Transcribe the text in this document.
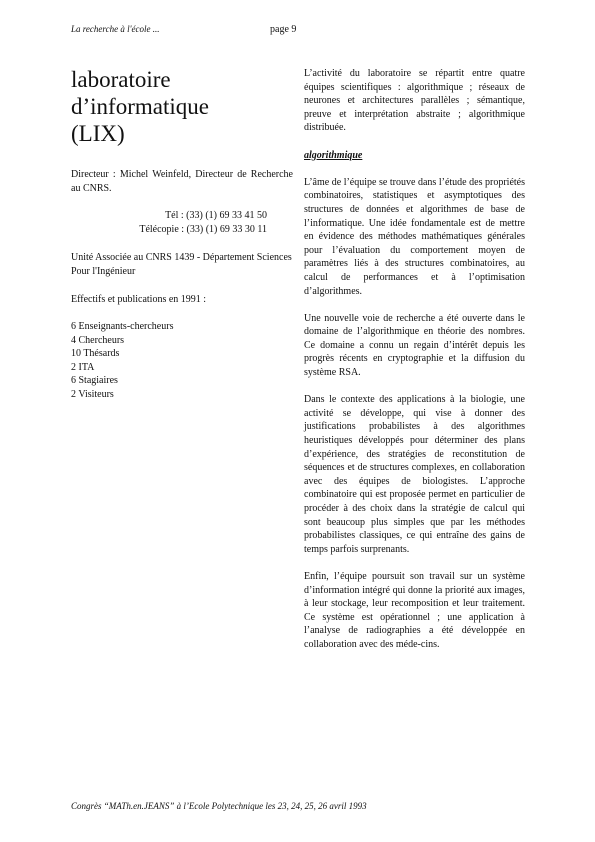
La recherche à l'école ...	page 9
laboratoire
d’informatique
(LIX)
Directeur : Michel Weinfeld, Directeur de Recherche au CNRS.
Tél : (33) (1) 69 33 41 50
Télécopie : (33) (1) 69 33 30 11
Unité Associée au CNRS 1439 - Département Sciences Pour l'Ingénieur
Effectifs et publications en 1991 :
6 Enseignants-chercheurs
4 Chercheurs
10 Thésards
2 ITA
6 Stagiaires
2 Visiteurs

L’activité du laboratoire se répartit entre quatre équipes scientifiques : algorithmique ; réseaux de neurones et architectures parallèles ; sémantique, preuve et interprétation abstraite ; algorithmique distribuée.

algorithmique

L’âme de l’équipe se trouve dans l’étude des propriétés combinatoires, statistiques et asymptotiques des structures de données et algorithmes de base de l’informatique. Une idée fondamentale est de mettre en évidence des méthodes mathématiques générales pour l’évaluation du comportement moyen de paramètres liés à des structures combinatoires, au calcul de performances et à l’optimisation d’algorithmes.

Une nouvelle voie de recherche a été ouverte dans le domaine de l’algorithmique en théorie des nombres. Ce domaine a connu un regain d’intérêt depuis les progrès récents en cryptographie et la diffusion du système RSA.

Dans le contexte des applications à la biologie, une activité se développe, qui vise à donner des justifications probabilistes à des algorithmes heuristiques développés pour déterminer des plans d’expérience, des stratégies de reconstitution de séquences et de structures complexes, en collaboration avec des équipes de biologistes. L’approche combinatoire qui est proposée permet en particulier de procéder à des choix dans la stratégie de calcul qui sont beaucoup plus simples que par les méthodes probabilistes classiques, ce qui entraîne des gains de temps parfois surprenants.

Enfin, l’équipe poursuit son travail sur un système d’information intégré qui donne la priorité aux images, à leur stockage, leur recomposition et leur traitement. Ce système est opérationnel ; une application à l’analyse de radiographies a été développée en collaboration avec des méde-cins.

Congrès “MATh.en.JEANS” à l’Ecole Polytechnique les 23, 24, 25, 26 avril 1993
